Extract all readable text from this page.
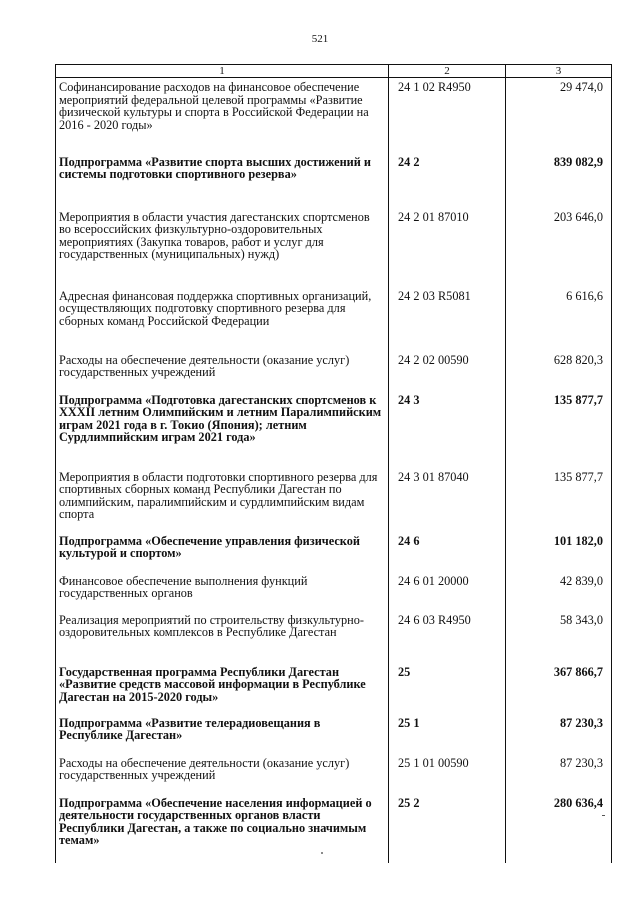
521
1	2	3
Софинансирование расходов на финансовое обеспечение мероприятий федеральной целевой программы «Развитие физической культуры и спорта в Российской Федерации на 2016 - 2020 годы»	24 1 02 R4950	29 474,0
Подпрограмма «Развитие спорта высших достижений и системы подготовки спортивного резерва»	24 2	839 082,9
Мероприятия в области участия дагестанских спортсменов во всероссийских физкультурно-оздоровительных мероприятиях (Закупка товаров, работ и услуг для государственных (муниципальных) нужд)	24 2 01 87010	203 646,0
Адресная финансовая поддержка спортивных организаций, осуществляющих подготовку спортивного резерва для сборных команд Российской Федерации	24 2 03 R5081	6 616,6
Расходы на обеспечение деятельности (оказание услуг) государственных учреждений	24 2 02 00590	628 820,3
Подпрограмма «Подготовка дагестанских спортсменов к XXXII летним Олимпийским и летним Паралимпийским играм 2021 года в г. Токио (Япония); летним Сурдлимпийским играм 2021 года»	24 3	135 877,7
Мероприятия в области подготовки спортивного резерва для спортивных сборных команд Республики Дагестан по олимпийским, паралимпийским и сурдлимпийским видам спорта	24 3 01 87040	135 877,7
Подпрограмма «Обеспечение управления физической культурой и спортом»	24 6	101 182,0
Финансовое обеспечение выполнения функций государственных органов	24 6 01 20000	42 839,0
Реализация мероприятий по строительству физкультурно-оздоровительных комплексов в Республике Дагестан	24 6 03 R4950	58 343,0
Государственная программа Республики Дагестан «Развитие средств массовой информации в Республике Дагестан на 2015-2020 годы»	25	367 866,7
Подпрограмма «Развитие телерадиовещания в Республике Дагестан»	25 1	87 230,3
Расходы на обеспечение деятельности (оказание услуг) государственных учреждений	25 1 01 00590	87 230,3
Подпрограмма «Обеспечение населения информацией о деятельности государственных органов власти Республики Дагестан, а также по социально значимым темам»	25 2	280 636,4
